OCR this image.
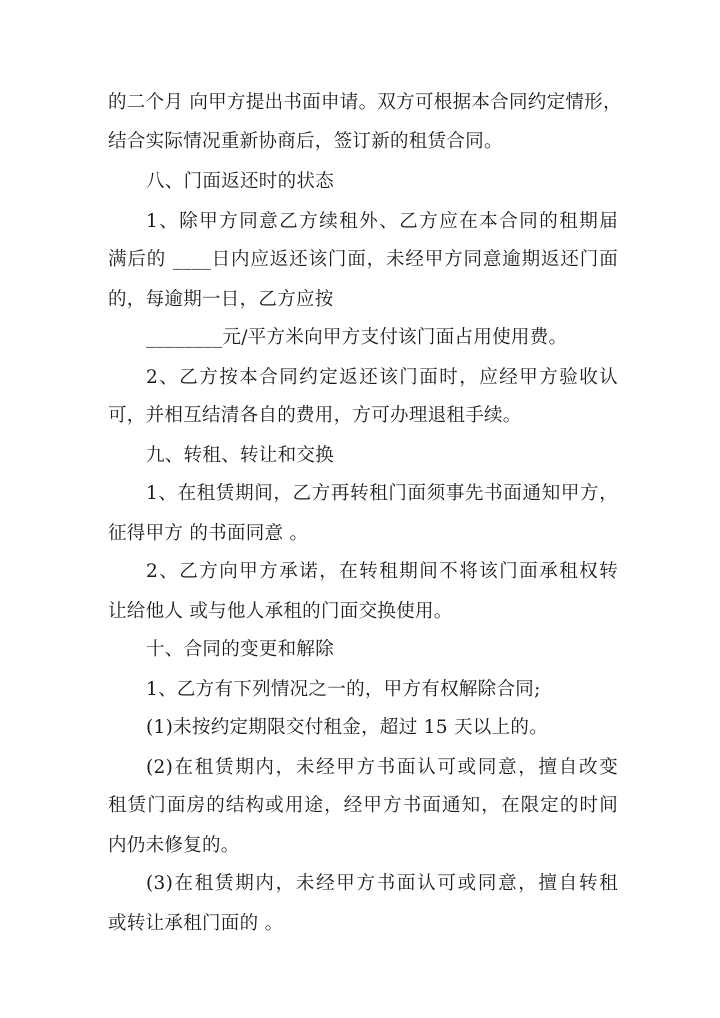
的二个月 向甲方提出书面申请。双方可根据本合同约定情形，
结合实际情况重新协商后，签订新的租赁合同。
八、门面返还时的状态
1、除甲方同意乙方续租外、乙方应在本合同的租期届
满后的 ____日内应返还该门面，未经甲方同意逾期返还门面
的，每逾期一日，乙方应按
________元/平方米向甲方支付该门面占用使用费。
2、乙方按本合同约定返还该门面时，应经甲方验收认
可，并相互结清各自的费用，方可办理退租手续。
九、转租、转让和交换
1、在租赁期间，乙方再转租门面须事先书面通知甲方，
征得甲方 的书面同意 。
2、乙方向甲方承诺，在转租期间不将该门面承租权转
让给他人 或与他人承租的门面交换使用。
十、合同的变更和解除
1、乙方有下列情况之一的，甲方有权解除合同;
(1)未按约定期限交付租金，超过 15 天以上的。
(2)在租赁期内，未经甲方书面认可或同意，擅自改变
租赁门面房的结构或用途，经甲方书面通知，在限定的时间
内仍未修复的。
(3)在租赁期内，未经甲方书面认可或同意，擅自转租
或转让承租门面的 。
